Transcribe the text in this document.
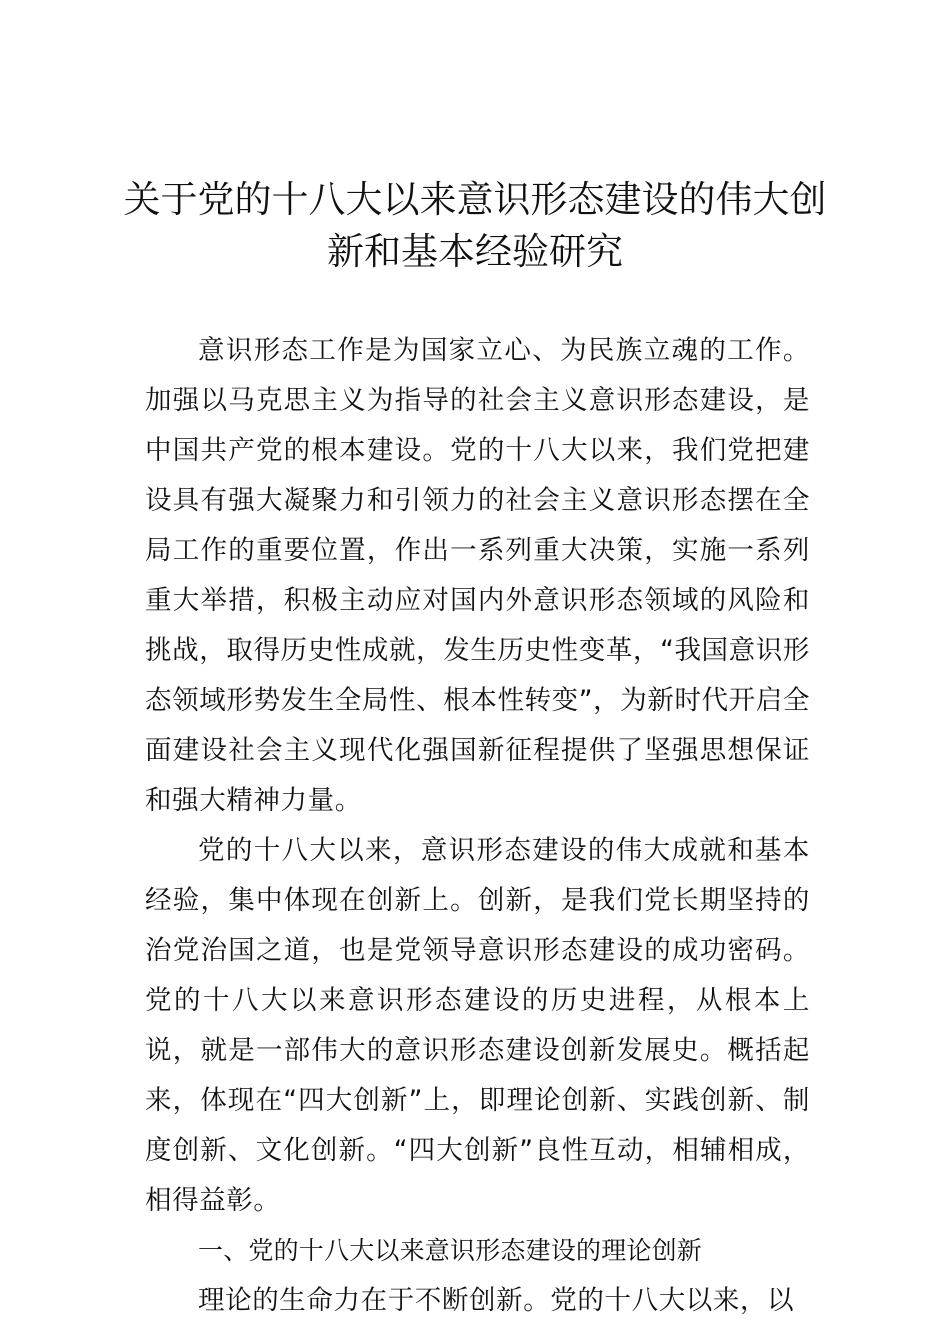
关于党的十八大以来意识形态建设的伟大创新和基本经验研究

意识形态工作是为国家立心、为民族立魂的工作。加强以马克思主义为指导的社会主义意识形态建设，是中国共产党的根本建设。党的十八大以来，我们党把建设具有强大凝聚力和引领力的社会主义意识形态摆在全局工作的重要位置，作出一系列重大决策，实施一系列重大举措，积极主动应对国内外意识形态领域的风险和挑战，取得历史性成就，发生历史性变革，“我国意识形态领域形势发生全局性、根本性转变”，为新时代开启全面建设社会主义现代化强国新征程提供了坚强思想保证和强大精神力量。

党的十八大以来，意识形态建设的伟大成就和基本经验，集中体现在创新上。创新，是我们党长期坚持的治党治国之道，也是党领导意识形态建设的成功密码。党的十八大以来意识形态建设的历史进程，从根本上说，就是一部伟大的意识形态建设创新发展史。概括起来，体现在“四大创新”上，即理论创新、实践创新、制度创新、文化创新。“四大创新”良性互动，相辅相成，相得益彰。

一、党的十八大以来意识形态建设的理论创新

理论的生命力在于不断创新。党的十八大以来，以
